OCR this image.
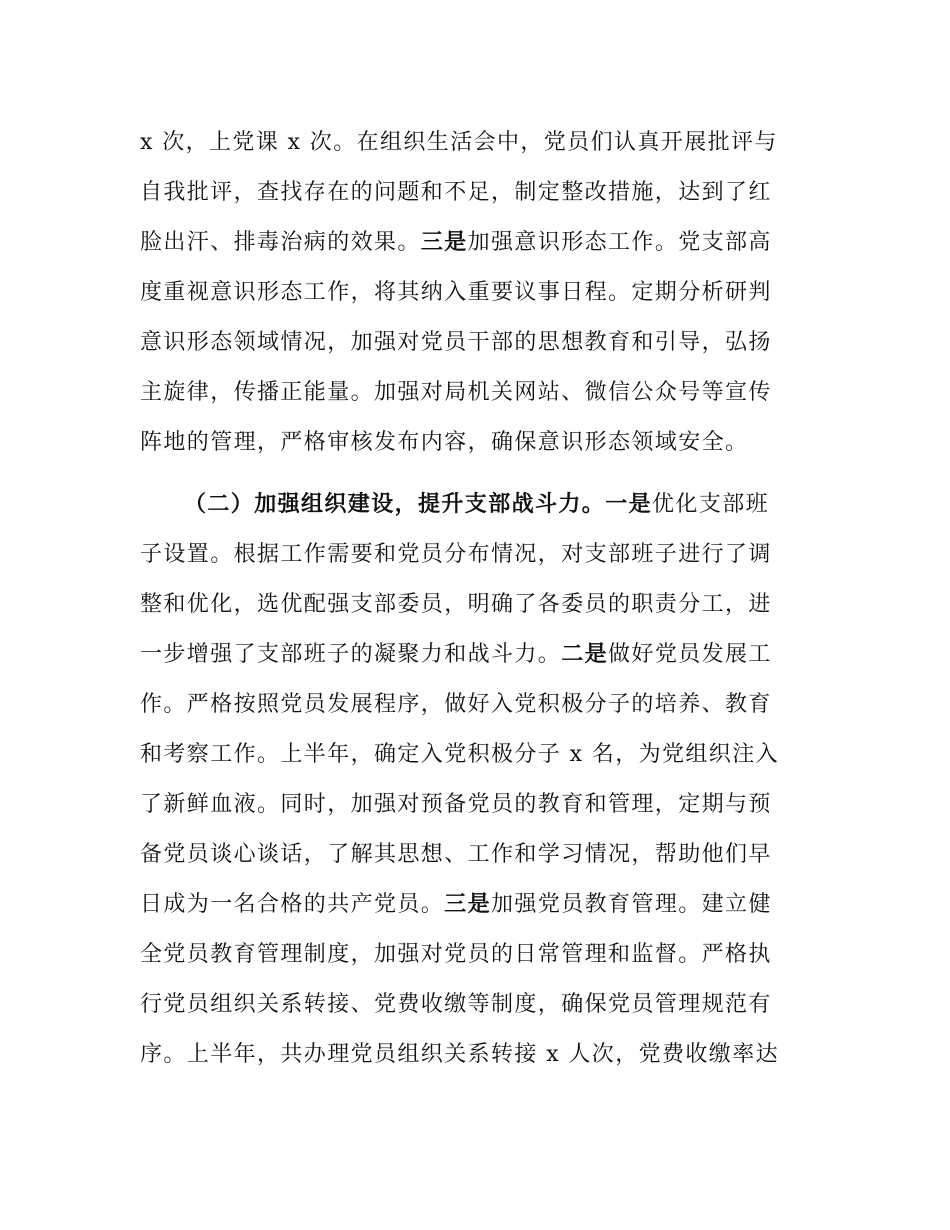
x 次，上党课 x 次。在组织生活会中，党员们认真开展批评与
自我批评，查找存在的问题和不足，制定整改措施，达到了红
脸出汗、排毒治病的效果。三是加强意识形态工作。党支部高
度重视意识形态工作，将其纳入重要议事日程。定期分析研判
意识形态领域情况，加强对党员干部的思想教育和引导，弘扬
主旋律，传播正能量。加强对局机关网站、微信公众号等宣传
阵地的管理，严格审核发布内容，确保意识形态领域安全。
（二）加强组织建设，提升支部战斗力。一是优化支部班
子设置。根据工作需要和党员分布情况，对支部班子进行了调
整和优化，选优配强支部委员，明确了各委员的职责分工，进
一步增强了支部班子的凝聚力和战斗力。二是做好党员发展工
作。严格按照党员发展程序，做好入党积极分子的培养、教育
和考察工作。上半年，确定入党积极分子 x 名，为党组织注入
了新鲜血液。同时，加强对预备党员的教育和管理，定期与预
备党员谈心谈话，了解其思想、工作和学习情况，帮助他们早
日成为一名合格的共产党员。三是加强党员教育管理。建立健
全党员教育管理制度，加强对党员的日常管理和监督。严格执
行党员组织关系转接、党费收缴等制度，确保党员管理规范有
序。上半年，共办理党员组织关系转接 x 人次，党费收缴率达
